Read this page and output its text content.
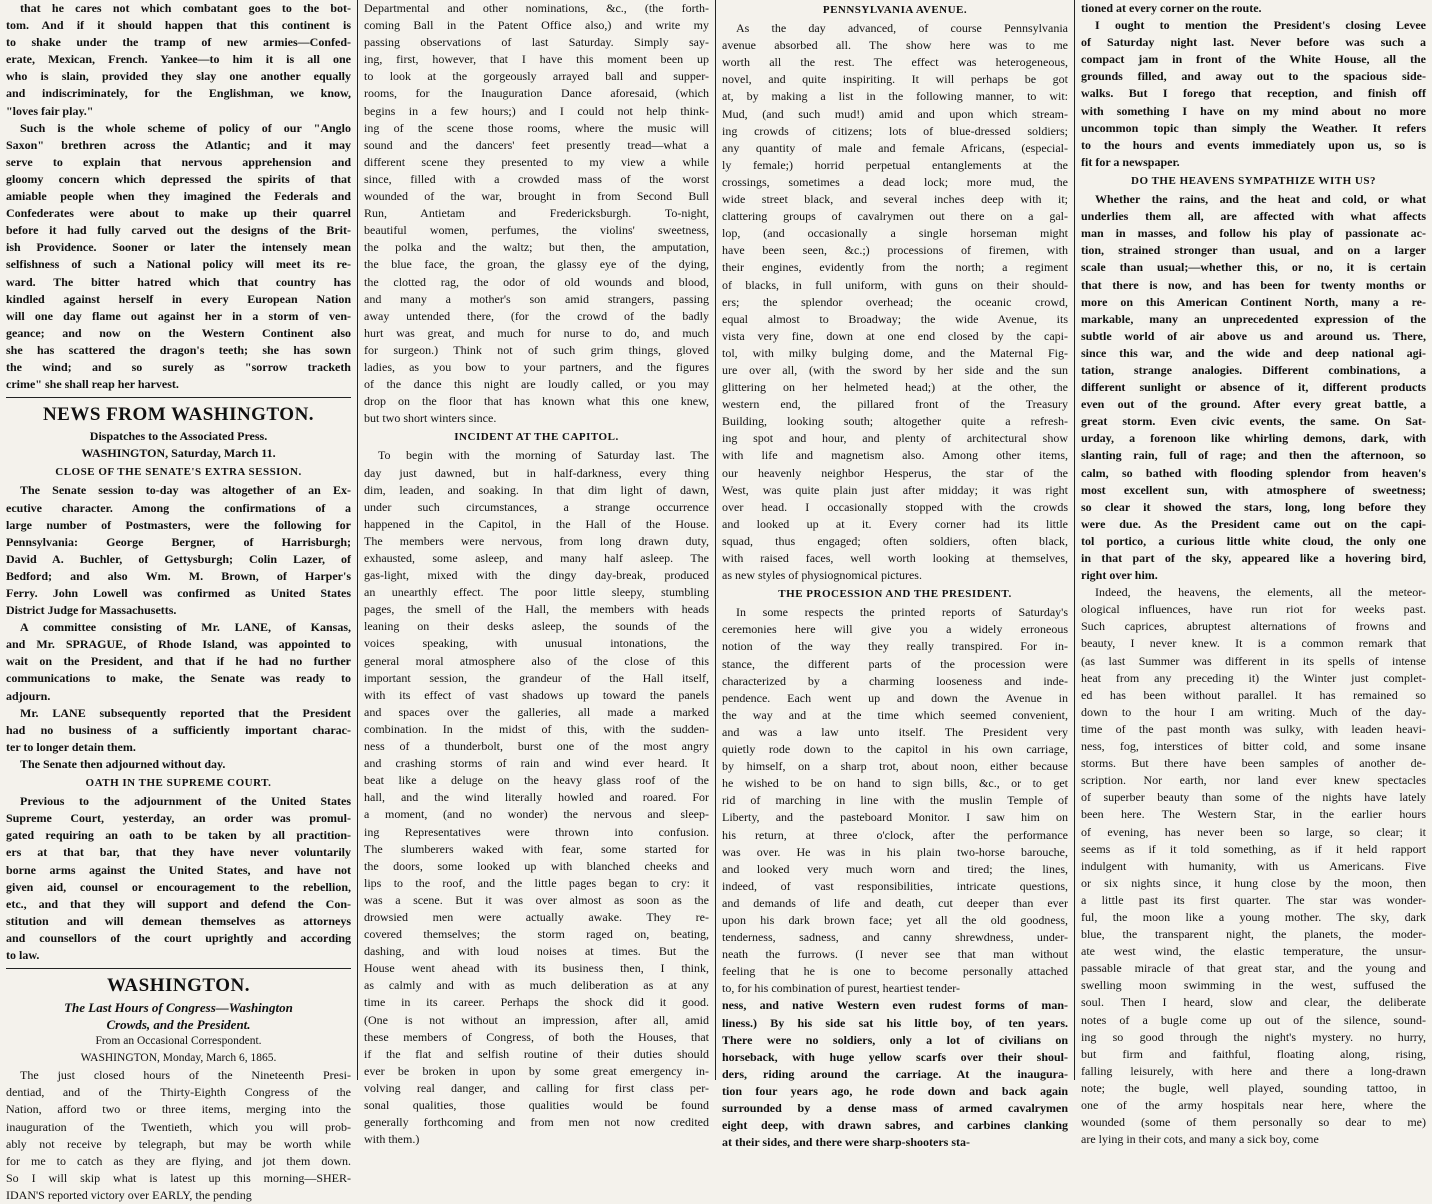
that he cares not which combatant goes to the bot-
tom. And if it should happen that this continent is
to shake under the tramp of new armies—Confed-
erate, Mexican, French. Yankee—to him it is all one
who is slain, provided they slay one another equally
and indiscriminately, for the Englishman, we know,
"loves fair play."
Such is the whole scheme of policy of our "Anglo
Saxon" brethren across the Atlantic; and it may
serve to explain that nervous apprehension and
gloomy concern which depressed the spirits of that
amiable people when they imagined the Federals and
Confederates were about to make up their quarrel
before it had fully carved out the designs of the Brit-
ish Providence. Sooner or later the intensely mean
selfishness of such a National policy will meet its re-
ward. The bitter hatred which that country has
kindled against herself in every European Nation
will one day flame out against her in a storm of ven-
geance; and now on the Western Continent also
she has scattered the dragon's teeth; she has sown
the wind; and so surely as "sorrow tracketh
crime" she shall reap her harvest.
NEWS FROM WASHINGTON.
Dispatches to the Associated Press.
WASHINGTON, Saturday, March 11.
CLOSE OF THE SENATE'S EXTRA SESSION.
The Senate session to-day was altogether of an Ex-
ecutive character. Among the confirmations of a
large number of Postmasters, were the following for
Pennsylvania: George Bergner, of Harrisburgh;
David A. Buchler, of Gettysburgh; Colin Lazer, of
Bedford; and also Wm. M. Brown, of Harper's
Ferry. John Lowell was confirmed as United States
District Judge for Massachusetts.
A committee consisting of Mr. LANE, of Kansas,
and Mr. SPRAGUE, of Rhode Island, was appointed to
wait on the President, and that if he had no further
communications to make, the Senate was ready to
adjourn.
Mr. LANE subsequently reported that the President
had no business of a sufficiently important charac-
ter to longer detain them.
The Senate then adjourned without day.
OATH IN THE SUPREME COURT.
Previous to the adjournment of the United States
Supreme Court, yesterday, an order was promul-
gated requiring an oath to be taken by all practition-
ers at that bar, that they have never voluntarily
borne arms against the United States, and have not
given aid, counsel or encouragement to the rebellion,
etc., and that they will support and defend the Con-
stitution and will demean themselves as attorneys
and counsellors of the court uprightly and according
to law.
WASHINGTON.
The Last Hours of Congress—Washington
Crowds, and the President.
From an Occasional Correspondent.
WASHINGTON, Monday, March 6, 1865.
The just closed hours of the Nineteenth Presi-
dentiad, and of the Thirty-Eighth Congress of the
Nation, afford two or three items, merging into the
inauguration of the Twentieth, which you will prob-
ably not receive by telegraph, but may be worth while
for me to catch as they are flying, and jot them down.
So I will skip what is latest up this morning—SHER-
IDAN'S reported victory over EARLY, the pending
Departmental and other nominations, &c., (the forth-
coming Ball in the Patent Office also,) and write my
passing observations of last Saturday. Simply say-
ing, first, however, that I have this moment been up
to look at the gorgeously arrayed ball and supper-
rooms, for the Inauguration Dance aforesaid, (which
begins in a few hours;) and I could not help think-
ing of the scene those rooms, where the music will
sound and the dancers' feet presently tread—what a
different scene they presented to my view a while
since, filled with a crowded mass of the worst
wounded of the war, brought in from Second Bull
Run, Antietam and Fredericksburgh. To-night,
beautiful women, perfumes, the violins' sweetness,
the polka and the waltz; but then, the amputation,
the blue face, the groan, the glassy eye of the dying,
the clotted rag, the odor of old wounds and blood,
and many a mother's son amid strangers, passing
away untended there, (for the crowd of the badly
hurt was great, and much for nurse to do, and much
for surgeon.) Think not of such grim things, gloved
ladies, as you bow to your partners, and the figures
of the dance this night are loudly called, or you may
drop on the floor that has known what this one knew,
but two short winters since.
INCIDENT AT THE CAPITOL.
To begin with the morning of Saturday last. The
day just dawned, but in half-darkness, every thing
dim, leaden, and soaking. In that dim light of dawn,
under such circumstances, a strange occurrence
happened in the Capitol, in the Hall of the House.
The members were nervous, from long drawn duty,
exhausted, some asleep, and many half asleep. The
gas-light, mixed with the dingy day-break, produced
an unearthly effect. The poor little sleepy, stumbling
pages, the smell of the Hall, the members with heads
leaning on their desks asleep, the sounds of the
voices speaking, with unusual intonations, the
general moral atmosphere also of the close of this
important session, the grandeur of the Hall itself,
with its effect of vast shadows up toward the panels
and spaces over the galleries, all made a marked
combination. In the midst of this, with the sudden-
ness of a thunderbolt, burst one of the most angry
and crashing storms of rain and wind ever heard. It
beat like a deluge on the heavy glass roof of the
hall, and the wind literally howled and roared. For
a moment, (and no wonder) the nervous and sleep-
ing Representatives were thrown into confusion.
The slumberers waked with fear, some started for
the doors, some looked up with blanched cheeks and
lips to the roof, and the little pages began to cry: it
was a scene. But it was over almost as soon as the
drowsied men were actually awake. They re-
covered themselves; the storm raged on, beating,
dashing, and with loud noises at times. But the
House went ahead with its business then, I think,
as calmly and with as much deliberation as at any
time in its career. Perhaps the shock did it good.
(One is not without an impression, after all, amid
these members of Congress, of both the Houses, that
if the flat and selfish routine of their duties should
ever be broken in upon by some great emergency in-
volving real danger, and calling for first class per-
sonal qualities, those qualities would be found
generally forthcoming and from men not now credited
with them.)
PENNSYLVANIA AVENUE.
As the day advanced, of course Pennsylvania
avenue absorbed all. The show here was to me
worth all the rest. The effect was heterogeneous,
novel, and quite inspiriting. It will perhaps be got
at, by making a list in the following manner, to wit:
Mud, (and such mud!) amid and upon which stream-
ing crowds of citizens; lots of blue-dressed soldiers;
any quantity of male and female Africans, (especial-
ly female;) horrid perpetual entanglements at the
crossings, sometimes a dead lock; more mud, the
wide street black, and several inches deep with it;
clattering groups of cavalrymen out there on a gal-
lop, (and occasionally a single horseman might
have been seen, &c.;) processions of firemen, with
their engines, evidently from the north; a regiment
of blacks, in full uniform, with guns on their should-
ers; the splendor overhead; the oceanic crowd,
equal almost to Broadway; the wide Avenue, its
vista very fine, down at one end closed by the capi-
tol, with milky bulging dome, and the Maternal Fig-
ure over all, (with the sword by her side and the sun
glittering on her helmeted head;) at the other, the
western end, the pillared front of the Treasury
Building, looking south; altogether quite a refresh-
ing spot and hour, and plenty of architectural show
with life and magnetism also. Among other items,
our heavenly neighbor Hesperus, the star of the
West, was quite plain just after midday; it was right
over head. I occasionally stopped with the crowds
and looked up at it. Every corner had its little
squad, thus engaged; often soldiers, often black,
with raised faces, well worth looking at themselves,
as new styles of physiognomical pictures.
THE PROCESSION AND THE PRESIDENT.
In some respects the printed reports of Saturday's
ceremonies here will give you a widely erroneous
notion of the way they really transpired. For in-
stance, the different parts of the procession were
characterized by a charming looseness and inde-
pendence. Each went up and down the Avenue in
the way and at the time which seemed convenient,
and was a law unto itself. The President very
quietly rode down to the capitol in his own carriage,
by himself, on a sharp trot, about noon, either because
he wished to be on hand to sign bills, &c., or to get
rid of marching in line with the muslin Temple of
Liberty, and the pasteboard Monitor. I saw him on
his return, at three o'clock, after the performance
was over. He was in his plain two-horse barouche,
and looked very much worn and tired; the lines,
indeed, of vast responsibilities, intricate questions,
and demands of life and death, cut deeper than ever
upon his dark brown face; yet all the old goodness,
tenderness, sadness, and canny shrewdness, under-
neath the furrows. (I never see that man without
feeling that he is one to become personally attached
to, for his combination of purest, heartiest tender-
ness, and native Western even rudest forms of man-
liness.) By his side sat his little boy, of ten years.
There were no soldiers, only a lot of civilians on
horseback, with huge yellow scarfs over their shoul-
ders, riding around the carriage. At the inaugura-
tion four years ago, he rode down and back again
surrounded by a dense mass of armed cavalrymen
eight deep, with drawn sabres, and carbines clanking
at their sides, and there were sharp-shooters sta-
tioned at every corner on the route.
I ought to mention the President's closing Levee
of Saturday night last. Never before was such a
compact jam in front of the White House, all the
grounds filled, and away out to the spacious side-
walks. But I forego that reception, and finish off
with something I have on my mind about no more
uncommon topic than simply the Weather. It refers
to the hours and events immediately upon us, so is
fit for a newspaper.
DO THE HEAVENS SYMPATHIZE WITH US?
Whether the rains, and the heat and cold, or what
underlies them all, are affected with what affects
man in masses, and follow his play of passionate ac-
tion, strained stronger than usual, and on a larger
scale than usual;—whether this, or no, it is certain
that there is now, and has been for twenty months or
more on this American Continent North, many a re-
markable, many an unprecedented expression of the
subtle world of air above us and around us. There,
since this war, and the wide and deep national agi-
tation, strange analogies. Different combinations, a
different sunlight or absence of it, different products
even out of the ground. After every great battle, a
great storm. Even civic events, the same. On Sat-
urday, a forenoon like whirling demons, dark, with
slanting rain, full of rage; and then the afternoon, so
calm, so bathed with flooding splendor from heaven's
most excellent sun, with atmosphere of sweetness;
so clear it showed the stars, long, long before they
were due. As the President came out on the capi-
tol portico, a curious little white cloud, the only one
in that part of the sky, appeared like a hovering bird,
right over him.
Indeed, the heavens, the elements, all the meteor-
ological influences, have run riot for weeks past.
Such caprices, abruptest alternations of frowns and
beauty, I never knew. It is a common remark that
(as last Summer was different in its spells of intense
heat from any preceding it) the Winter just complet-
ed has been without parallel. It has remained so
down to the hour I am writing. Much of the day-
time of the past month was sulky, with leaden heavi-
ness, fog, interstices of bitter cold, and some insane
storms. But there have been samples of another de-
scription. Nor earth, nor land ever knew spectacles
of superber beauty than some of the nights have lately
been here. The Western Star, in the earlier hours
of evening, has never been so large, so clear; it
seems as if it told something, as if it held rapport
indulgent with humanity, with us Americans. Five
or six nights since, it hung close by the moon, then
a little past its first quarter. The star was wonder-
ful, the moon like a young mother. The sky, dark
blue, the transparent night, the planets, the moder-
ate west wind, the elastic temperature, the unsur-
passable miracle of that great star, and the young and
swelling moon swimming in the west, suffused the
soul. Then I heard, slow and clear, the deliberate
notes of a bugle come up out of the silence, sound-
ing so good through the night's mystery. no hurry,
but firm and faithful, floating along, rising,
falling leisurely, with here and there a long-drawn
note; the bugle, well played, sounding tattoo, in
one of the army hospitals near here, where the
wounded (some of them personally so dear to me)
are lying in their cots, and many a sick boy, come
